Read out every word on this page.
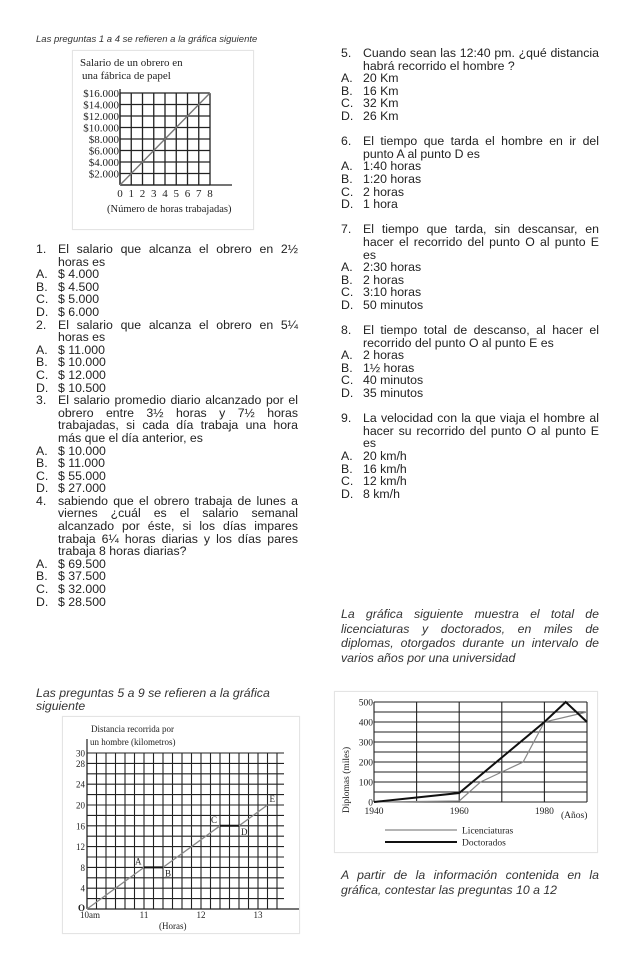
Las preguntas 1 a 4 se refieren a la gráfica siguiente
Salario de un obrero en
una fábrica de papel
$2.000
$4.000
$6.000
$8.000
$10.000
$12.000
$14.000
$16.000
0 1 2 3 4 5 6 7 8
(Número de horas trabajadas)
1. El salario que alcanza el obrero en 2½ horas es
A. $ 4.000
B. $ 4.500
C. $ 5.000
D. $ 6.000
2. El salario que alcanza el obrero en 5¼ horas es
A. $ 11.000
B. $ 10.000
C. $ 12.000
D. $ 10.500
3. El salario promedio diario alcanzado por el obrero entre 3½ horas y 7½ horas trabajadas, si cada día trabaja una hora más que el día anterior, es
A. $ 10.000
B. $ 11.000
C. $ 55.000
D. $ 27.000
4. sabiendo que el obrero trabaja de lunes a viernes ¿cuál es el salario semanal alcanzado por éste, si los días impares trabaja 6¼ horas diarias y los días pares trabaja 8 horas diarias?
A. $ 69.500
B. $ 37.500
C. $ 32.000
D. $ 28.500
Las preguntas 5 a 9 se refieren a la gráfica siguiente
Distancia recorrida por
un hombre (kilometros)
4
8
12
16
20
24
28
30
10am	11	12	13
O
A
B
C
D
E
(Horas)
5. Cuando sean las 12:40 pm. ¿qué distancia habrá recorrido el hombre ?
A. 20 Km
B. 16 Km
C. 32 Km
D. 26 Km
6. El tiempo que tarda el hombre en ir del punto A al punto D es
A. 1:40 horas
B. 1:20 horas
C. 2 horas
D. 1 hora
7. El tiempo que tarda, sin descansar, en hacer el recorrido del punto O al punto E es
A. 2:30 horas
B. 2 horas
C. 3:10 horas
D. 50 minutos
8. El tiempo total de descanso, al hacer el recorrido del punto O al punto E es
A. 2 horas
B. 1½ horas
C. 40 minutos
D. 35 minutos
9. La velocidad con la que viaja el hombre al hacer su recorrido del punto O al punto E es
A. 20 km/h
B. 16 km/h
C. 12 km/h
D. 8 km/h
La gráfica siguiente muestra el total de licenciaturas y doctorados, en miles de diplomas, otorgados durante un intervalo de varios años por una universidad
Diplomas (miles) 0
100
200
300
400
500
1940	1960	1980 (Años)
Licenciaturas
Doctorados
A partir de la información contenida en la gráfica, contestar las preguntas 10 a 12
